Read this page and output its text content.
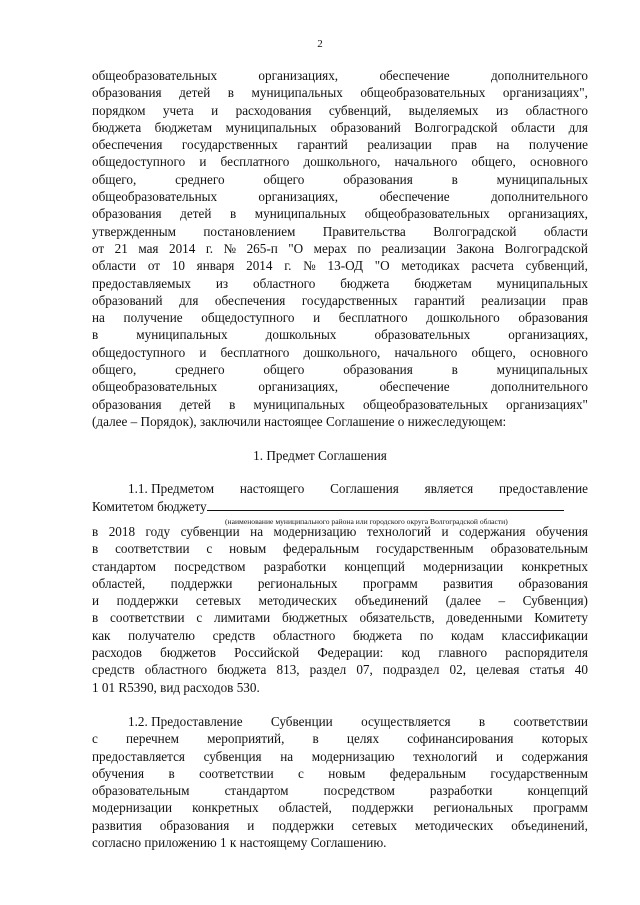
2
общеобразовательных	организациях,	обеспечение	дополнительного
образования детей в муниципальных общеобразовательных организациях",
порядком учета и расходования субвенций, выделяемых из областного
бюджета бюджетам муниципальных образований Волгоградской области для
обеспечения государственных гарантий реализации прав на получение
общедоступного и бесплатного дошкольного, начального общего, основного
общего,	среднего	общего	образования	в	муниципальных
общеобразовательных	организациях,	обеспечение	дополнительного
образования детей в муниципальных общеобразовательных организациях,
утвержденным постановлением Правительства Волгоградской области
от 21 мая 2014 г. № 265-п "О мерах по реализации Закона Волгоградской
области от 10 января 2014 г. № 13-ОД "О методиках расчета субвенций,
предоставляемых из областного бюджета бюджетам муниципальных
образований для обеспечения государственных гарантий реализации прав
на получение общедоступного и бесплатного дошкольного образования
в	муниципальных	дошкольных	образовательных	организациях,
общедоступного и бесплатного дошкольного, начального общего, основного
общего,	среднего	общего	образования	в	муниципальных
общеобразовательных	организациях,	обеспечение	дополнительного
образования детей в муниципальных общеобразовательных организациях"
(далее – Порядок), заключили настоящее Соглашение о нижеследующем:
1. Предмет Соглашения
1.1. Предметом настоящего Соглашения является предоставление
Комитетом бюджету
(наименование муниципального района или городского округа Волгоградской области)
в 2018 году субвенции на модернизацию технологий и содержания обучения
в соответствии с новым федеральным государственным образовательным
стандартом посредством разработки концепций модернизации конкретных
областей, поддержки региональных программ развития образования
и поддержки сетевых методических объединений (далее – Субвенция)
в соответствии с лимитами бюджетных обязательств, доведенными Комитету
как получателю средств областного бюджета по кодам классификации
расходов бюджетов Российской Федерации: код главного распорядителя
средств областного бюджета 813, раздел 07, подраздел 02, целевая статья 40
1 01 R5390, вид расходов 530.
1.2. Предоставление Субвенции осуществляется в соответствии
с перечнем мероприятий, в целях софинансирования которых
предоставляется субвенция на модернизацию технологий и содержания
обучения в соответствии с новым федеральным государственным
образовательным	стандартом	посредством	разработки	концепций
модернизации конкретных областей, поддержки региональных программ
развития образования и поддержки сетевых методических объединений,
согласно приложению 1 к настоящему Соглашению.
